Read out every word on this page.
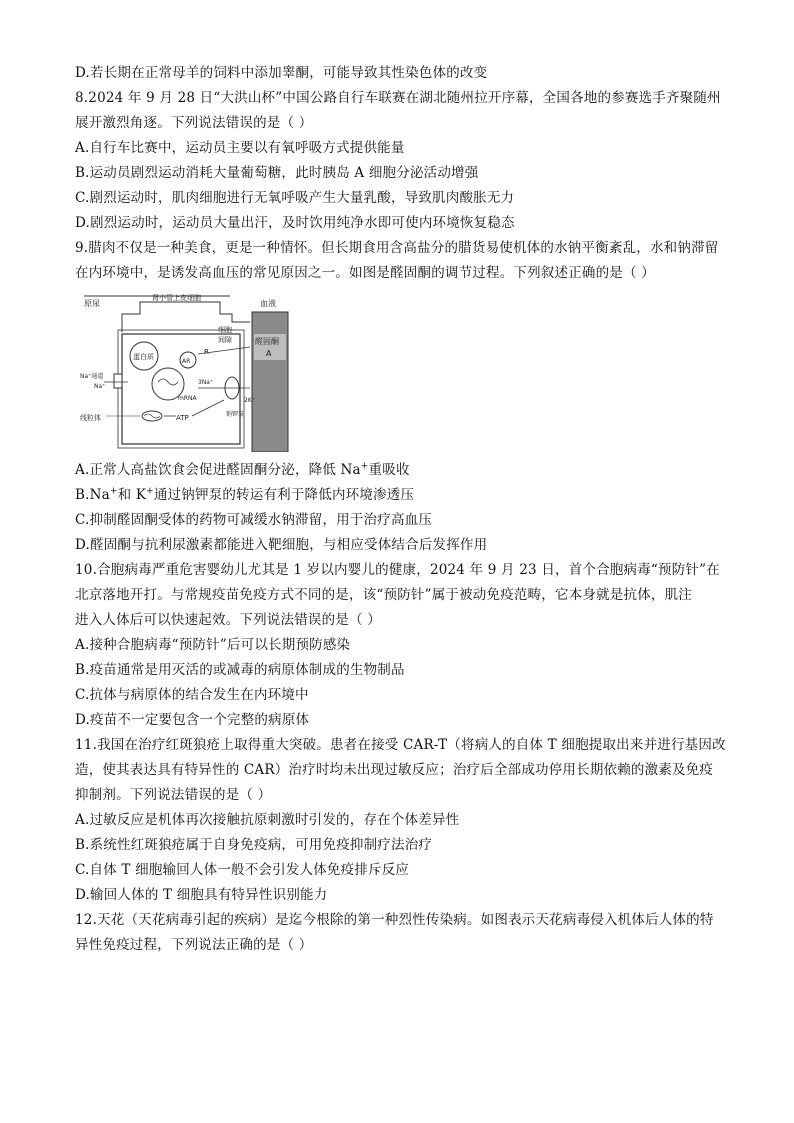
D.若长期在正常母羊的饲料中添加睾酮，可能导致其性染色体的改变
8.2024 年 9 月 28 日“大洪山杯”中国公路自行车联赛在湖北随州拉开序幕，全国各地的参赛选手齐聚随州
展开激烈角逐。下列说法错误的是（ ）
A.自行车比赛中，运动员主要以有氧呼吸方式提供能量
B.运动员剧烈运动消耗大量葡萄糖，此时胰岛 A 细胞分泌活动增强
C.剧烈运动时，肌肉细胞进行无氧呼吸产生大量乳酸，导致肌肉酸胀无力
D.剧烈运动时，运动员大量出汗，及时饮用纯净水即可使内环境恢复稳态
9.腊肉不仅是一种美食，更是一种情怀。但长期食用含高盐分的腊货易使机体的水钠平衡紊乱，水和钠滞留
在内环境中，是诱发高血压的常见原因之一。如图是醛固酮的调节过程。下列叙述正确的是（ ）
原尿
肾小管上皮细胞
血液
醛固酮
A
细胞
间隙
蛋白质
AR
R
mRNA
Na⁺通道
Na⁺
3Na⁺
2K⁺
钠钾泵
线粒体	ATP
A.正常人高盐饮食会促进醛固酮分泌，降低 Na+重吸收
B.Na+和 K+通过钠钾泵的转运有利于降低内环境渗透压
C.抑制醛固酮受体的药物可减缓水钠滞留，用于治疗高血压
D.醛固酮与抗利尿激素都能进入靶细胞，与相应受体结合后发挥作用
10.合胞病毒严重危害婴幼儿尤其是 1 岁以内婴儿的健康，2024 年 9 月 23 日，首个合胞病毒“预防针”在
北京落地开打。与常规疫苗免疫方式不同的是，该“预防针”属于被动免疫范畴，它本身就是抗体，肌注
进入人体后可以快速起效。下列说法错误的是（ ）
A.接种合胞病毒“预防针”后可以长期预防感染
B.疫苗通常是用灭活的或减毒的病原体制成的生物制品
C.抗体与病原体的结合发生在内环境中
D.疫苗不一定要包含一个完整的病原体
11.我国在治疗红斑狼疮上取得重大突破。患者在接受 CAR-T（将病人的自体 T 细胞提取出来并进行基因改
造，使其表达具有特异性的 CAR）治疗时均未出现过敏反应；治疗后全部成功停用长期依赖的激素及免疫
抑制剂。下列说法错误的是（ ）
A.过敏反应是机体再次接触抗原刺激时引发的，存在个体差异性
B.系统性红斑狼疮属于自身免疫病，可用免疫抑制疗法治疗
C.自体 T 细胞输回人体一般不会引发人体免疫排斥反应
D.输回人体的 T 细胞具有特异性识别能力
12.天花（天花病毒引起的疾病）是迄今根除的第一种烈性传染病。如图表示天花病毒侵入机体后人体的特
异性免疫过程，下列说法正确的是（ ）
